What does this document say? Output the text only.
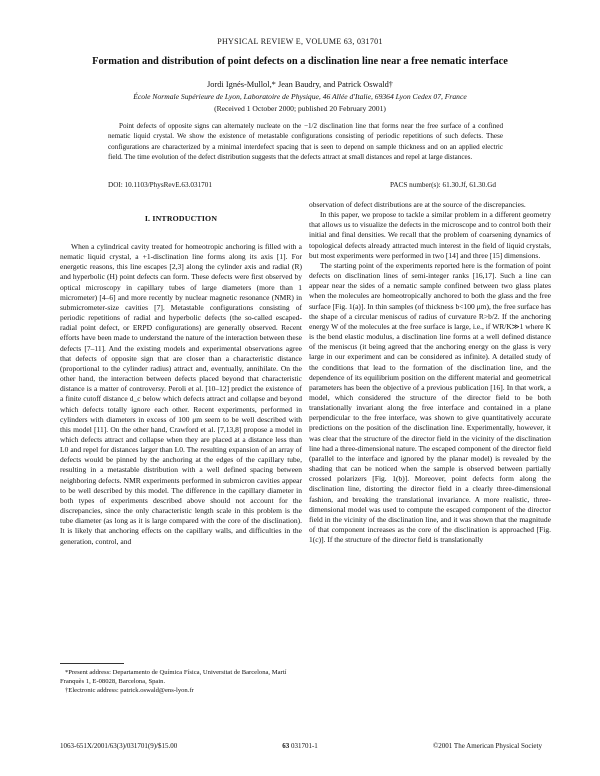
PHYSICAL REVIEW E, VOLUME 63, 031701
Formation and distribution of point defects on a disclination line near a free nematic interface
Jordi Ignés-Mullol,* Jean Baudry, and Patrick Oswald†
École Normale Supérieure de Lyon, Laboratoire de Physique, 46 Allée d'Italie, 69364 Lyon Cedex 07, France
(Received 1 October 2000; published 20 February 2001)
Point defects of opposite signs can alternately nucleate on the −1/2 disclination line that forms near the free surface of a confined nematic liquid crystal. We show the existence of metastable configurations consisting of periodic repetitions of such defects. These configurations are characterized by a minimal interdefect spacing that is seen to depend on sample thickness and on an applied electric field. The time evolution of the defect distribution suggests that the defects attract at small distances and repel at large distances.
DOI: 10.1103/PhysRevE.63.031701	PACS number(s): 61.30.Jf, 61.30.Gd
I. INTRODUCTION

When a cylindrical cavity treated for homeotropic anchoring is filled with a nematic liquid crystal, a +1-disclination line forms along its axis [1]. For energetic reasons, this line escapes [2,3] along the cylinder axis and radial (R) and hyperbolic (H) point defects can form. These defects were first observed by optical microscopy in capillary tubes of large diameters (more than 1 micrometer) [4–6] and more recently by nuclear magnetic resonance (NMR) in submicrometer-size cavities [7]. Metastable configurations consisting of periodic repetitions of radial and hyperbolic defects (the so-called escaped-radial point defect, or ERPD configurations) are generally observed. Recent efforts have been made to understand the nature of the interaction between these defects [7–11]. And the existing models and experimental observations agree that defects of opposite sign that are closer than a characteristic distance (proportional to the cylinder radius) attract and, eventually, annihilate. On the other hand, the interaction between defects placed beyond that characteristic distance is a matter of controversy. Peroli et al. [10–12] predict the existence of a finite cutoff distance d_c below which defects attract and collapse and beyond which defects totally ignore each other. Recent experiments, performed in cylinders with diameters in excess of 100 μm seem to be well described with this model [11]. On the other hand, Crawford et al. [7,13,8] propose a model in which defects attract and collapse when they are placed at a distance less than L0 and repel for distances larger than L0. The resulting expansion of an array of defects would be pinned by the anchoring at the edges of the capillary tube, resulting in a metastable distribution with a well defined spacing between neighboring defects. NMR experiments performed in submicron cavities appear to be well described by this model. The difference in the capillary diameter in both types of experiments described above should not account for the discrepancies, since the only characteristic length scale in this problem is the tube diameter (as long as it is large compared with the core of the disclination). It is likely that anchoring effects on the capillary walls, and difficulties in the generation, control, and

observation of defect distributions are at the source of the discrepancies.

In this paper, we propose to tackle a similar problem in a different geometry that allows us to visualize the defects in the microscope and to control both their initial and final densities. We recall that the problem of coarsening dynamics of topological defects already attracted much interest in the field of liquid crystals, but most experiments were performed in two [14] and three [15] dimensions.

The starting point of the experiments reported here is the formation of point defects on disclination lines of semi-integer ranks [16,17]. Such a line can appear near the sides of a nematic sample confined between two glass plates when the molecules are homeotropically anchored to both the glass and the free surface [Fig. 1(a)]. In thin samples (of thickness b<100 μm), the free surface has the shape of a circular meniscus of radius of curvature R>b/2. If the anchoring energy W of the molecules at the free surface is large, i.e., if WR/K≫1 where K is the bend elastic modulus, a disclination line forms at a well defined distance of the meniscus (it being agreed that the anchoring energy on the glass is very large in our experiment and can be considered as infinite). A detailed study of the conditions that lead to the formation of the disclination line, and the dependence of its equilibrium position on the different material and geometrical parameters has been the objective of a previous publication [16]. In that work, a model, which considered the structure of the director field to be both translationally invariant along the free interface and contained in a plane perpendicular to the free interface, was shown to give quantitatively accurate predictions on the position of the disclination line. Experimentally, however, it was clear that the structure of the director field in the vicinity of the disclination line had a three-dimensional nature. The escaped component of the director field (parallel to the interface and ignored by the planar model) is revealed by the shading that can be noticed when the sample is observed between partially crossed polarizers [Fig. 1(b)]. Moreover, point defects form along the disclination line, distorting the director field in a clearly three-dimensional fashion, and breaking the translational invariance. A more realistic, three-dimensional model was used to compute the escaped component of the director field in the vicinity of the disclination line, and it was shown that the magnitude of that component increases as the core of the disclination is approached [Fig. 1(c)]. If the structure of the director field is translationally

*Present address: Departamento de Química Física, Universitat de Barcelona, Martí Franquès 1, E-08028, Barcelona, Spain.

†Electronic address: patrick.oswald@ens-lyon.fr

1063-651X/2001/63(3)/031701(9)/$15.00	63 031701-1	©2001 The American Physical Society
